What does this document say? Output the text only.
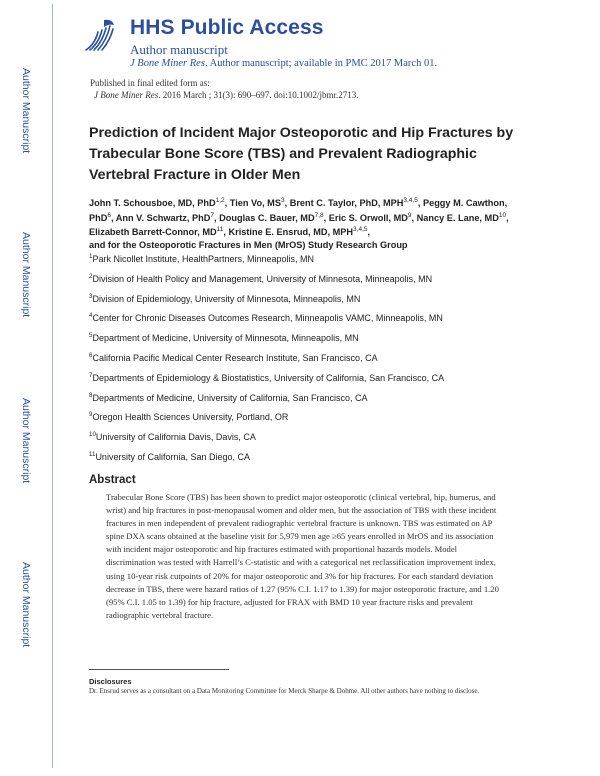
Author Manuscript
Author Manuscript
Author Manuscript
Author Manuscript
HHS Public Access
Author manuscript
J Bone Miner Res. Author manuscript; available in PMC 2017 March 01.
Published in final edited form as:
J Bone Miner Res. 2016 March ; 31(3): 690–697. doi:10.1002/jbmr.2713.
Prediction of Incident Major Osteoporotic and Hip Fractures by Trabecular Bone Score (TBS) and Prevalent Radiographic Vertebral Fracture in Older Men
John T. Schousboe, MD, PhD$^{1,2}$, Tien Vo, $MS^3$, Brent C. Taylor, PhD, MPH$^{3,4,5}$, Peggy M. Cawthon, PhD$^6$, Ann V. Schwartz, PhD$^7$, Douglas C. Bauer, MD$^{7,8}$, Eric S. Orwoll, $MD^9$, Nancy E. Lane, MD$^{10}$, Elizabeth Barrett-Connor, MD$^{11}$, Kristine E. Ensrud, MD, MPH$^{3,4,5}$,
and for the Osteoporotic Fractures in Men (MrOS) Study Research Group
$^1$Park Nicollet Institute, HealthPartners, Minneapolis, MN
$^2$Division of Health Policy and Management, University of Minnesota, Minneapolis, MN
$^3$Division of Epidemiology, University of Minnesota, Minneapolis, MN
$^4$Center for Chronic Diseases Outcomes Research, Minneapolis VAMC, Minneapolis, MN
$^5$Department of Medicine, University of Minnesota, Minneapolis, MN
$^6$California Pacific Medical Center Research Institute, San Francisco, CA
$^7$Departments of Epidemiology & Biostatistics, University of California, San Francisco, CA
$^8$Departments of Medicine, University of California, San Francisco, CA
$^9$Oregon Health Sciences University, Portland, OR
$^{10}$University of California Davis, Davis, CA
$^{11}$University of California, San Diego, CA
Abstract

Trabecular Bone Score (TBS) has been shown to predict major osteoporotic (clinical vertebral, hip, humerus, and wrist) and hip fractures in post-menopausal women and older men, but the association of TBS with these incident fractures in men independent of prevalent radiographic vertebral fracture is unknown. TBS was estimated on AP spine DXA scans obtained at the baseline visit for 5,979 men age ≥65 years enrolled in MrOS and its association with incident major osteoporotic and hip fractures estimated with proportional hazards models. Model discrimination was tested with Harrell’s C-statistic and with a categorical net reclassification improvement index, using 10-year risk cutpoints of 20% for major osteoporotic and 3% for hip fractures. For each standard deviation decrease in TBS, there were hazard ratios of 1.27 (95% C.I. 1.17 to 1.39) for major osteoporotic fracture, and 1.20 (95% C.I. 1.05 to 1.39) for hip fracture, adjusted for FRAX with BMD 10 year fracture risks and prevalent radiographic vertebral fracture.

Disclosures

Dr. Ensrud serves as a consultant on a Data Monitoring Committee for Merck Sharpe & Dohme. All other authors have nothing to disclose.
